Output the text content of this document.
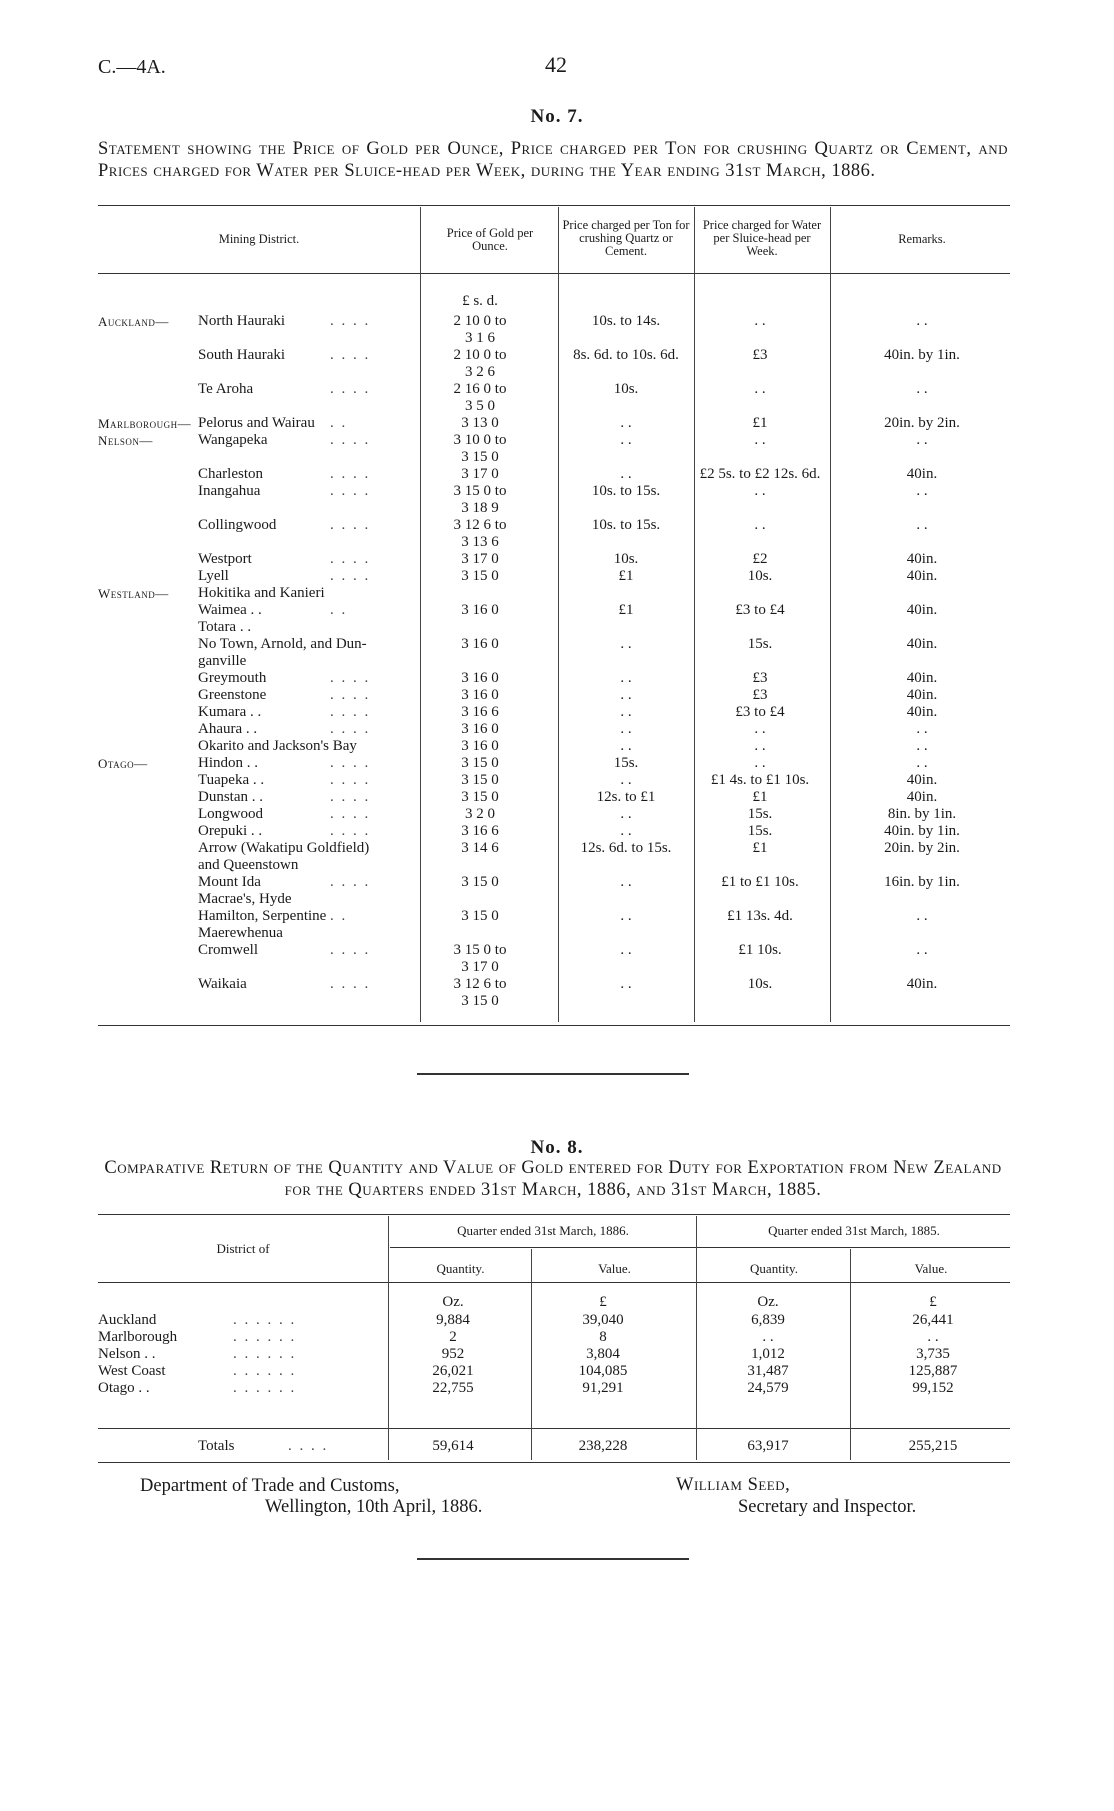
C.—4A.	42
No. 7.
Statement showing the Price of Gold per Ounce, Price charged per Ton for crushing Quartz or Cement, and Prices charged for Water per Sluice-head per Week, during the Year ending 31st March, 1886.
Mining District.	Price of Gold per Ounce.
Price charged per Ton for crushing Quartz or Cement.
Price charged for Water per Sluice-head per Week.
Remarks.
£ s. d.
Auckland— North Hauraki	. . . .	2 10 0 to	10s. to 14s.	. .	. .
3 1 6
South Hauraki	. . . .	2 10 0 to	8s. 6d. to 10s. 6d.	£3	40in. by 1in.
3 2 6
Te Aroha	. . . .	2 16 0 to	10s.	. .	. .
3 5 0
Marlborough— Pelorus and Wairau . .	3 13 0	. .	£1	20in. by 2in.
Nelson—	Wangapeka	. . . .	3 10 0 to	. .	. .	. .
3 15 0
Charleston	. . . .	3 17 0	. .	£2 5s. to £2 12s. 6d.	40in.
Inangahua	. . . .	3 15 0 to	10s. to 15s.	. .	. .
3 18 9
Collingwood	. . . .	3 12 6 to	10s. to 15s.	. .	. .
3 13 6
Westport	. . . .	3 17 0	10s.	£2	40in.
Lyell	. . . .	3 15 0	£1	10s.	40in.
Westland— Hokitika and Kanieri
Waimea . .	. .	3 16 0	£1	£3 to £4	40in.
Totara . .
No Town, Arnold, and Dun-	3 16 0	. .	15s.	40in.
ganville
Greymouth	. . . .	3 16 0	. .	£3	40in.
Greenstone	. . . .	3 16 0	. .	£3	40in.
Kumara . .	. . . .	3 16 6	. .	£3 to £4	40in.
Ahaura . .	. . . .	3 16 0	. .	. .	. .
Okarito and Jackson's Bay	3 16 0	. .	. .	. .
Otago—	Hindon . .	. . . .	3 15 0	15s.	. .	. .
Tuapeka . .	. . . .	3 15 0	. .	£1 4s. to £1 10s.	40in.
Dunstan . .	. . . .	3 15 0	12s. to £1	£1	40in.
Longwood	. . . .	3 2 0	. .	15s.	8in. by 1in.
Orepuki . .	. . . .	3 16 6	. .	15s.	40in. by 1in.
Arrow (Wakatipu Goldfield)	3 14 6	12s. 6d. to 15s.	£1	20in. by 2in.
and Queenstown
Mount Ida	. . . .	3 15 0	. .	£1 to £1 10s.	16in. by 1in.
Macrae's, Hyde
Hamilton, Serpentine . .	3 15 0	. .	£1 13s. 4d.	. .
Maerewhenua
Cromwell	. . . .	3 15 0 to	. .	£1 10s.	. .
3 17 0
Waikaia	. . . .	3 12 6 to	. .	10s.	40in.
3 15 0
No. 8.
Comparative Return of the Quantity and Value of Gold entered for Duty for Exportation from New Zealand for the Quarters ended 31st March, 1886, and 31st March, 1885.
District of
Quarter ended 31st March, 1886.	Quarter ended 31st March, 1885.
Quantity.	Value.	Quantity.	Value.
Oz.	£	Oz.	£
Auckland	. . . . . .	9,884	39,040	6,839	26,441
Marlborough	. . . . . .	2	8	. .	. .
Nelson . .	. . . . . .	952	3,804	1,012	3,735
West Coast	. . . . . .	26,021	104,085	31,487	125,887
Otago . .	. . . . . .	22,755	91,291	24,579	99,152
Totals	. . . .	59,614	238,228	63,917	255,215
Department of Trade and Customs,
Wellington, 10th April, 1886.
William Seed,
Secretary and Inspector.
